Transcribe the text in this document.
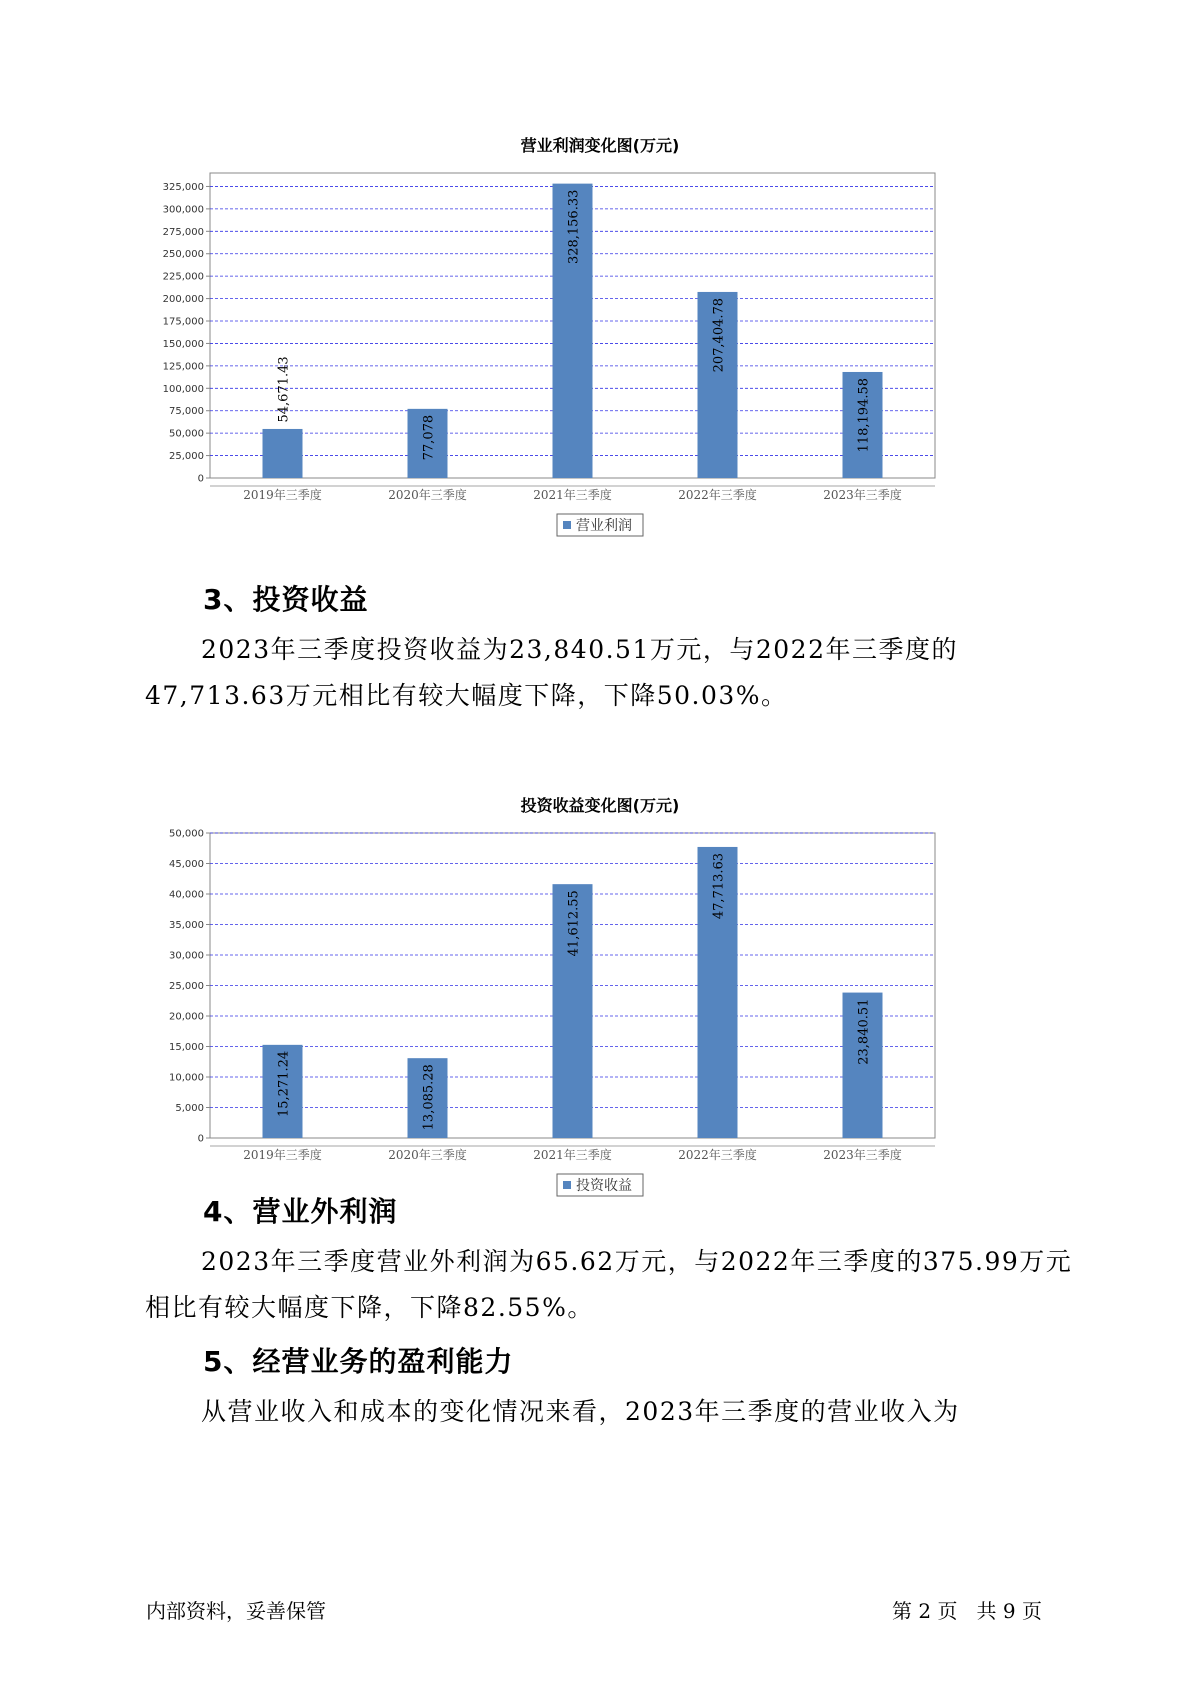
营业利润变化图(万元)
0
25,000
50,000
75,000
100,000
125,000
150,000
175,000
200,000
225,000
250,000
275,000
300,000
325,000
54,671.43
2019年三季度
77,078
2020年三季度
328,156.33
2021年三季度
207,404.78
2022年三季度
118,194.58
2023年三季度
营业利润
3、投资收益

2023年三季度投资收益为23,840.51万元，与2022年三季度的47,713.63万元相比有较大幅度下降，下降50.03%。

投资收益变化图(万元)
0
5,000
10,000
15,000
20,000
25,000
30,000
35,000
40,000
45,000
50,000
15,271.24
2019年三季度
13,085.28
2020年三季度
41,612.55
2021年三季度
47,713.63
2022年三季度
23,840.51
2023年三季度
投资收益
4、营业外利润

2023年三季度营业外利润为65.62万元，与2022年三季度的375.99万元相比有较大幅度下降，下降82.55%。

5、经营业务的盈利能力

从营业收入和成本的变化情况来看，2023年三季度的营业收入为

内部资料，妥善保管	第 2 页   共 9 页
